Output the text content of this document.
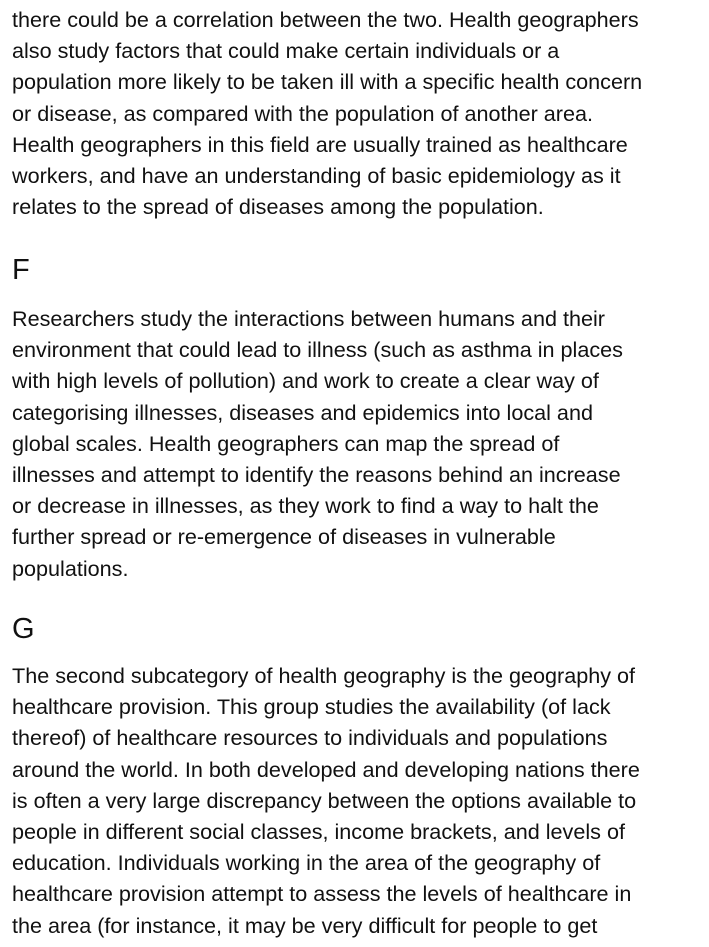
there could be a correlation between the two. Health geographers
also study factors that could make certain individuals or a
population more likely to be taken ill with a specific health concern
or disease, as compared with the population of another area.
Health geographers in this field are usually trained as healthcare
workers, and have an understanding of basic epidemiology as it
relates to the spread of diseases among the population.

F

Researchers study the interactions between humans and their
environment that could lead to illness (such as asthma in places
with high levels of pollution) and work to create a clear way of
categorising illnesses, diseases and epidemics into local and
global scales. Health geographers can map the spread of
illnesses and attempt to identify the reasons behind an increase
or decrease in illnesses, as they work to find a way to halt the
further spread or re-emergence of diseases in vulnerable
populations.

G

The second subcategory of health geography is the geography of
healthcare provision. This group studies the availability (of lack
thereof) of healthcare resources to individuals and populations
around the world. In both developed and developing nations there
is often a very large discrepancy between the options available to
people in different social classes, income brackets, and levels of
education. Individuals working in the area of the geography of
healthcare provision attempt to assess the levels of healthcare in
the area (for instance, it may be very difficult for people to get
